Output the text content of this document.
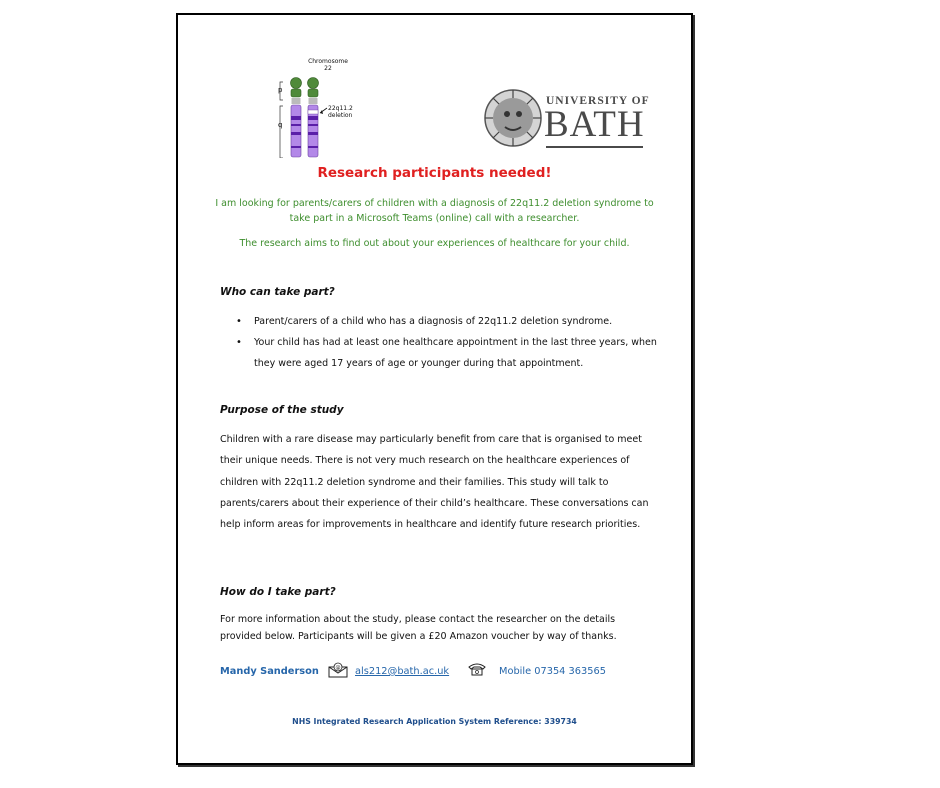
Chromosome
22
p
q
22q11.2
deletion
UNIVERSITY OF
BATH
Research participants needed!
I am looking for parents/carers of children with a diagnosis of 22q11.2 deletion syndrome to take part in a Microsoft Teams (online) call with a researcher.
The research aims to find out about your experiences of healthcare for your child.
Who can take part?
• Parent/carers of a child who has a diagnosis of 22q11.2 deletion syndrome.
• Your child has had at least one healthcare appointment in the last three years, when they were aged 17 years of age or younger during that appointment.
Purpose of the study
Children with a rare disease may particularly benefit from care that is organised to meet their unique needs. There is not very much research on the healthcare experiences of children with 22q11.2 deletion syndrome and their families. This study will talk to parents/carers about their experience of their child’s healthcare. These conversations can help inform areas for improvements in healthcare and identify future research priorities.
How do I take part?
For more information about the study, please contact the researcher on the details provided below. Participants will be given a £20 Amazon voucher by way of thanks.
Mandy Sanderson	@ als212@bath.ac.uk	Mobile 07354 363565
NHS Integrated Research Application System Reference: 339734
